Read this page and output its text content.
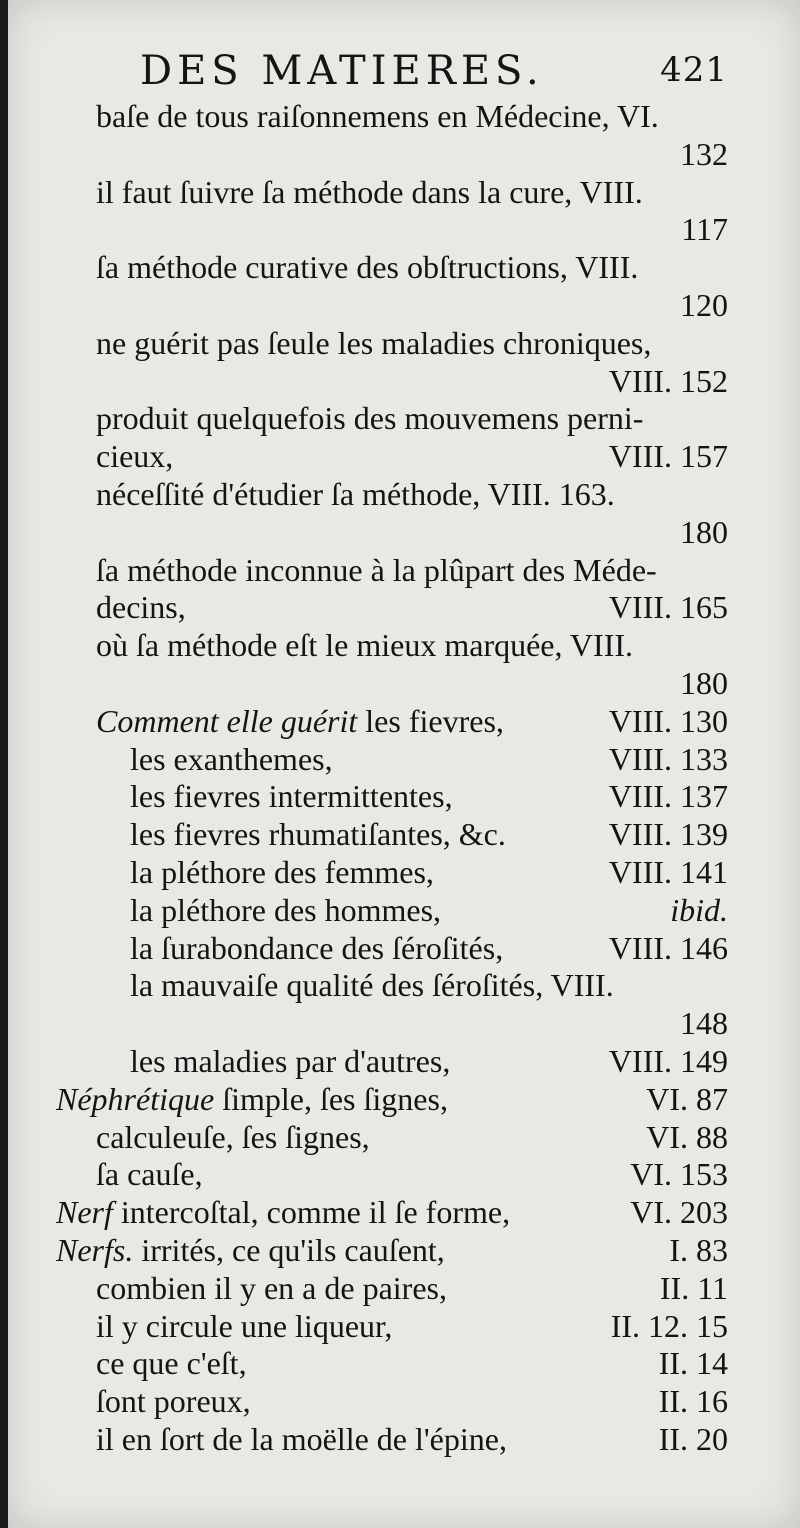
DES MATIERES.	421
baſe de tous raiſonnemens en Médecine, VI.
132
il faut ſuivre ſa méthode dans la cure, VIII.
117
ſa méthode curative des obſtructions, VIII.
120
ne guérit pas ſeule les maladies chroniques,
VIII. 152
produit quelquefois des mouvemens perni-
cieux,	VIII. 157
néceſſité d'étudier ſa méthode, VIII. 163.
180
ſa méthode inconnue à la plûpart des Méde-
decins,	VIII. 165
où ſa méthode eſt le mieux marquée, VIII.
180
Comment elle guérit les fievres,	VIII. 130
les exanthemes,	VIII. 133
les fievres intermittentes,	VIII. 137
les fievres rhumatiſantes, &c.	VIII. 139
la pléthore des femmes,	VIII. 141
la pléthore des hommes,	ibid.
la ſurabondance des ſéroſités,	VIII. 146
la mauvaiſe qualité des ſéroſités, VIII.
148
les maladies par d'autres,	VIII. 149
Néphrétique ſimple, ſes ſignes,	VI. 87
calculeuſe, ſes ſignes,	VI. 88
ſa cauſe,	VI. 153
Nerf intercoſtal, comme il ſe forme,	VI. 203
Nerfs. irrités, ce qu'ils cauſent,	I. 83
combien il y en a de paires,	II. 11
il y circule une liqueur,	II. 12. 15
ce que c'eſt,	II. 14
ſont poreux,	II. 16
il en ſort de la moëlle de l'épine,	II. 20
